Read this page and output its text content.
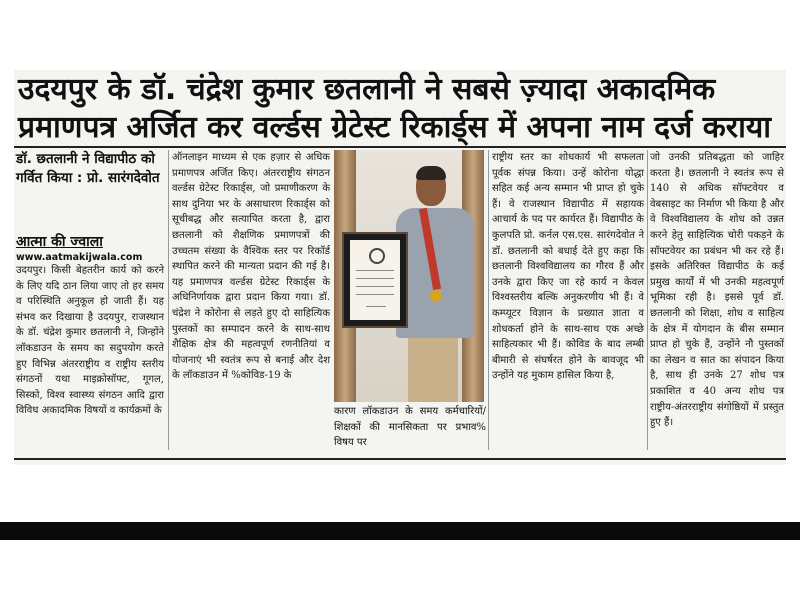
उदयपुर के डॉ. चंद्रेश कुमार छतलानी ने सबसे ज़्यादा अकादमिक
प्रमाणपत्र अर्जित कर वर्ल्डस ग्रेटेस्ट रिकार्ड्स में अपना नाम दर्ज कराया
डॉ. छतलानी ने विद्यापीठ को गर्वित किया : प्रो. सारंगदेवोत
आत्मा की ज्वाला
www.aatmakijwala.com
उदयपुर। किसी बेहतरीन कार्य को करने के लिए यदि ठान लिया जाए तो हर समय व परिस्थिति अनुकूल हो जाती हैं। यह संभव कर दिखाया है उदयपुर, राजस्थान के डॉ. चंद्रेश कुमार छतलानी ने, जिन्होंने लॉकडाउन के समय का सदुपयोग करते हुए विभिन्न अंतरराष्ट्रीय व राष्ट्रीय स्तरीय संगठनों यथा माइक्रोसॉफ्ट, गूगल, सिस्को, विश्व स्वास्थ्य संगठन आदि द्वारा विविध अकादमिक विषयों व कार्यक्रमों के
ऑनलाइन माध्यम से एक हज़ार से अधिक प्रमाणपत्र अर्जित किए। अंतरराष्ट्रीय संगठन वर्ल्डस ग्रेटेस्ट रिकार्ड्स, जो प्रमाणीकरण के साथ दुनिया भर के असाधारण रिकार्ड्स को सूचीबद्ध और सत्यापित करता है, द्वारा छतलानी को शैक्षणिक प्रमाणपत्रों की उच्चतम संख्या के वैश्विक स्तर पर रिकॉर्ड स्थापित करने की मान्यता प्रदान की गई है। यह प्रमाणपत्र वर्ल्डस ग्रेटेस्ट रिकार्ड्स के अधिनिर्णायक द्वारा प्रदान किया गया। डॉ. चंद्रेश ने कोरोना से लड़ते हुए दो साहित्यिक पुस्तकों का सम्पादन करने के साथ-साथ शैक्षिक क्षेत्र की महत्वपूर्ण रणनीतियां व योजनाएं भी स्वतंत्र रूप से बनाई और देश के लॉकडाउन में %कोविड-19 के
कारण लॉकडाउन के समय कर्मचारियों/शिक्षकों की मानसिकता पर प्रभाव% विषय पर
राष्ट्रीय स्तर का शोधकार्य भी सफलता पूर्वक संपन्न किया। उन्हें कोरोना योद्धा सहित कई अन्य सम्मान भी प्राप्त हो चुके हैं। वे राजस्थान विद्यापीठ में सहायक आचार्य के पद पर कार्यरत हैं। विद्यापीठ के कुलपति प्रो. कर्नल एस.एस. सारंगदेवोत ने डॉ. छतलानी को बधाई देते हुए कहा कि छतलानी विश्वविद्यालय का गौरव हैं और उनके द्वारा किए जा रहे कार्य न केवल विश्वस्तरीय बल्कि अनुकरणीय भी हैं। वे कम्प्यूटर विज्ञान के प्रख्यात ज्ञाता व शोधकर्ता होने के साथ-साथ एक अच्छे साहित्यकार भी हैं। कोविड के बाद लम्बी बीमारी से संघर्षरत होने के बावजूद भी उन्होंने यह मुकाम हासिल किया है,
जो उनकी प्रतिबद्धता को जाहिर करता है। छतलानी ने स्वतंत्र रूप से 140 से अधिक सॉफ्टवेयर व वेबसाइट का निर्माण भी किया है और वे विश्वविद्यालय के शोध को उन्नत करने हेतु साहित्यिक चोरी पकड़ने के सॉफ्टवेयर का प्रबंधन भी कर रहे हैं। इसके अतिरिक्त विद्यापीठ के कई प्रमुख कार्यों में भी उनकी महत्वपूर्ण भूमिका रही है। इससे पूर्व डॉ. छतलानी को शिक्षा, शोध व साहित्य के क्षेत्र में योगदान के बीस सम्मान प्राप्त हो चुके हैं, उन्होंने नौ पुस्तकों का लेखन व सात का संपादन किया है, साथ ही उनके 27 शोध पत्र प्रकाशित व 40 अन्य शोध पत्र राष्ट्रीय-अंतरराष्ट्रीय संगोष्ठियों में प्रस्तुत हुए हैं।
